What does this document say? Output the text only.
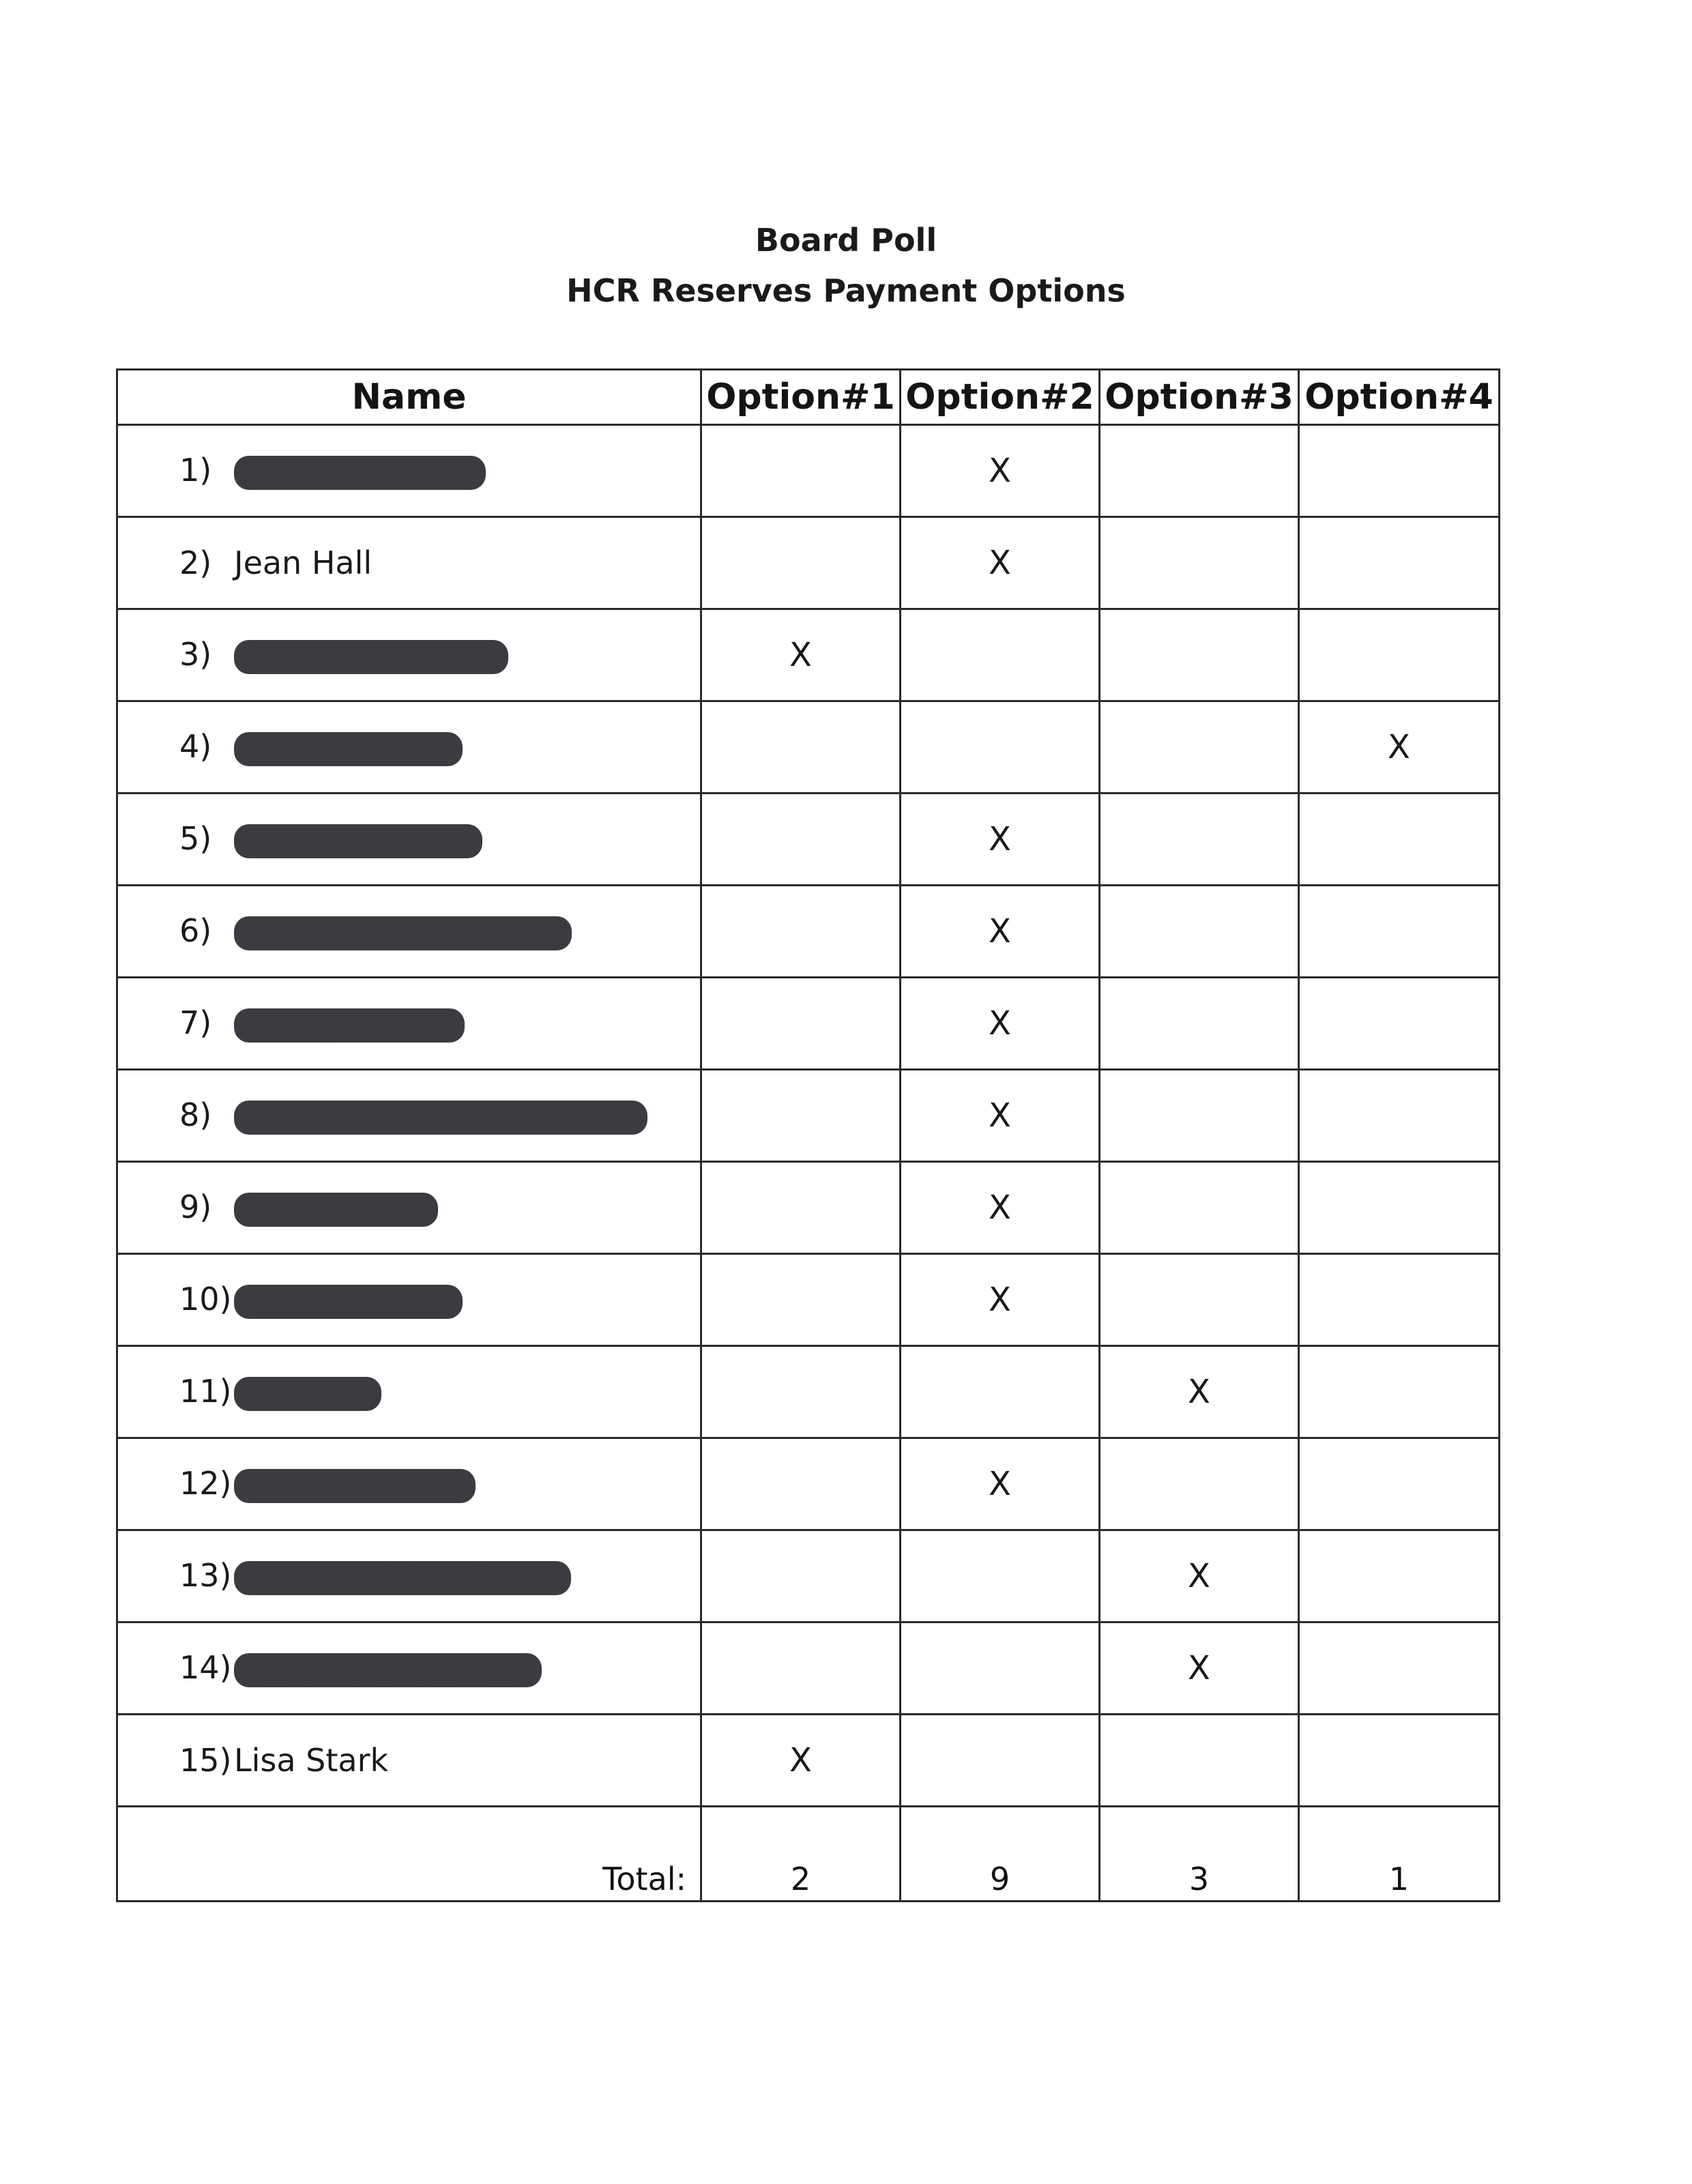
Board Poll
HCR Reserves Payment Options
Name	Option#1	Option#2	Option#3	Option#4
1) Dr. Althea Hicks		X		
2) Jean Hall		X		
3) Maryam Hubbard	X			
4) Kamal Saleem				X
5) Keysha Beasley		X		
6) Khedda Hayden-Ryan		X		
7) Stacey Francis		X		
8) Dr. Yvette Joy Harris-Smith		X		
9) Felicia Perrin		X		
10) Letisha Azizah		X		
11) Talib Bey			X	
12) Nadine Browne		X		
13) Jean Randolph-Castro			X	
14) Clifton Stanley Diaz			X	
15)Lisa Stark	X			
Total:	2	9	3	1
